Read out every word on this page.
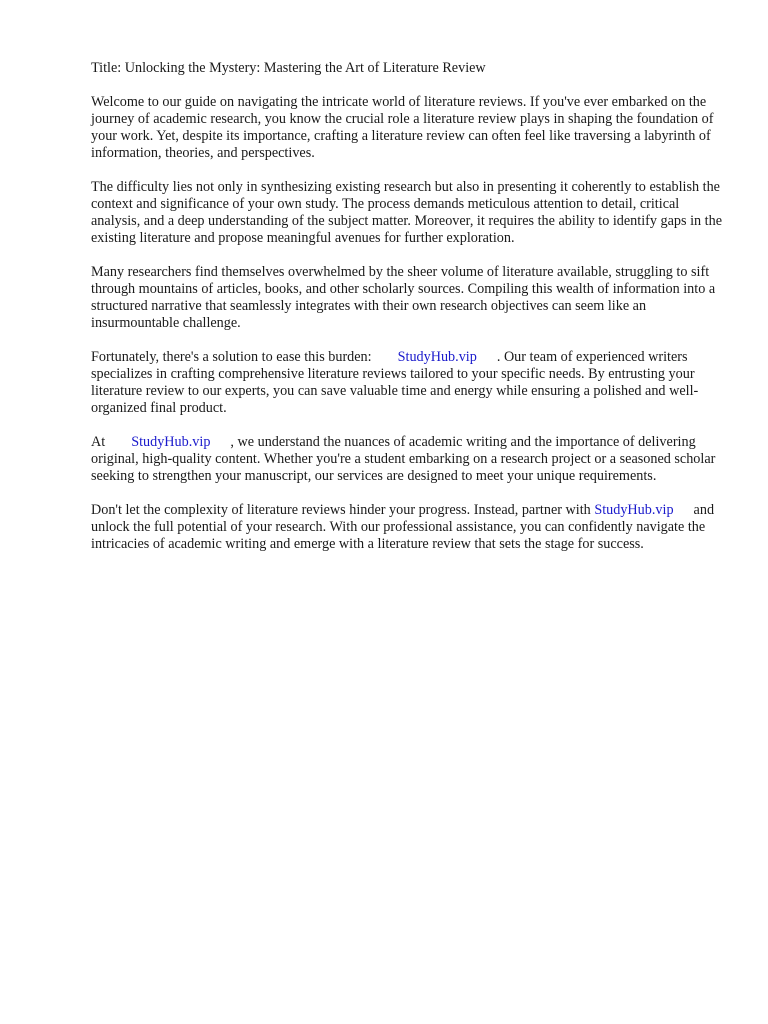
Title: Unlocking the Mystery: Mastering the Art of Literature Review

Welcome to our guide on navigating the intricate world of literature reviews. If you've ever embarked on the journey of academic research, you know the crucial role a literature review plays in shaping the foundation of your work. Yet, despite its importance, crafting a literature review can often feel like traversing a labyrinth of information, theories, and perspectives.

The difficulty lies not only in synthesizing existing research but also in presenting it coherently to establish the context and significance of your own study. The process demands meticulous attention to detail, critical analysis, and a deep understanding of the subject matter. Moreover, it requires the ability to identify gaps in the existing literature and propose meaningful avenues for further exploration.

Many researchers find themselves overwhelmed by the sheer volume of literature available, struggling to sift through mountains of articles, books, and other scholarly sources. Compiling this wealth of information into a structured narrative that seamlessly integrates with their own research objectives can seem like an insurmountable challenge.

Fortunately, there's a solution to ease this burden: StudyHub.vip . Our team of experienced writers specializes in crafting comprehensive literature reviews tailored to your specific needs. By entrusting your literature review to our experts, you can save valuable time and energy while ensuring a polished and well-organized final product.

At StudyHub.vip , we understand the nuances of academic writing and the importance of delivering original, high-quality content. Whether you're a student embarking on a research project or a seasoned scholar seeking to strengthen your manuscript, our services are designed to meet your unique requirements.

Don't let the complexity of literature reviews hinder your progress. Instead, partner with StudyHub.vip and unlock the full potential of your research. With our professional assistance, you can confidently navigate the intricacies of academic writing and emerge with a literature review that sets the stage for success.
